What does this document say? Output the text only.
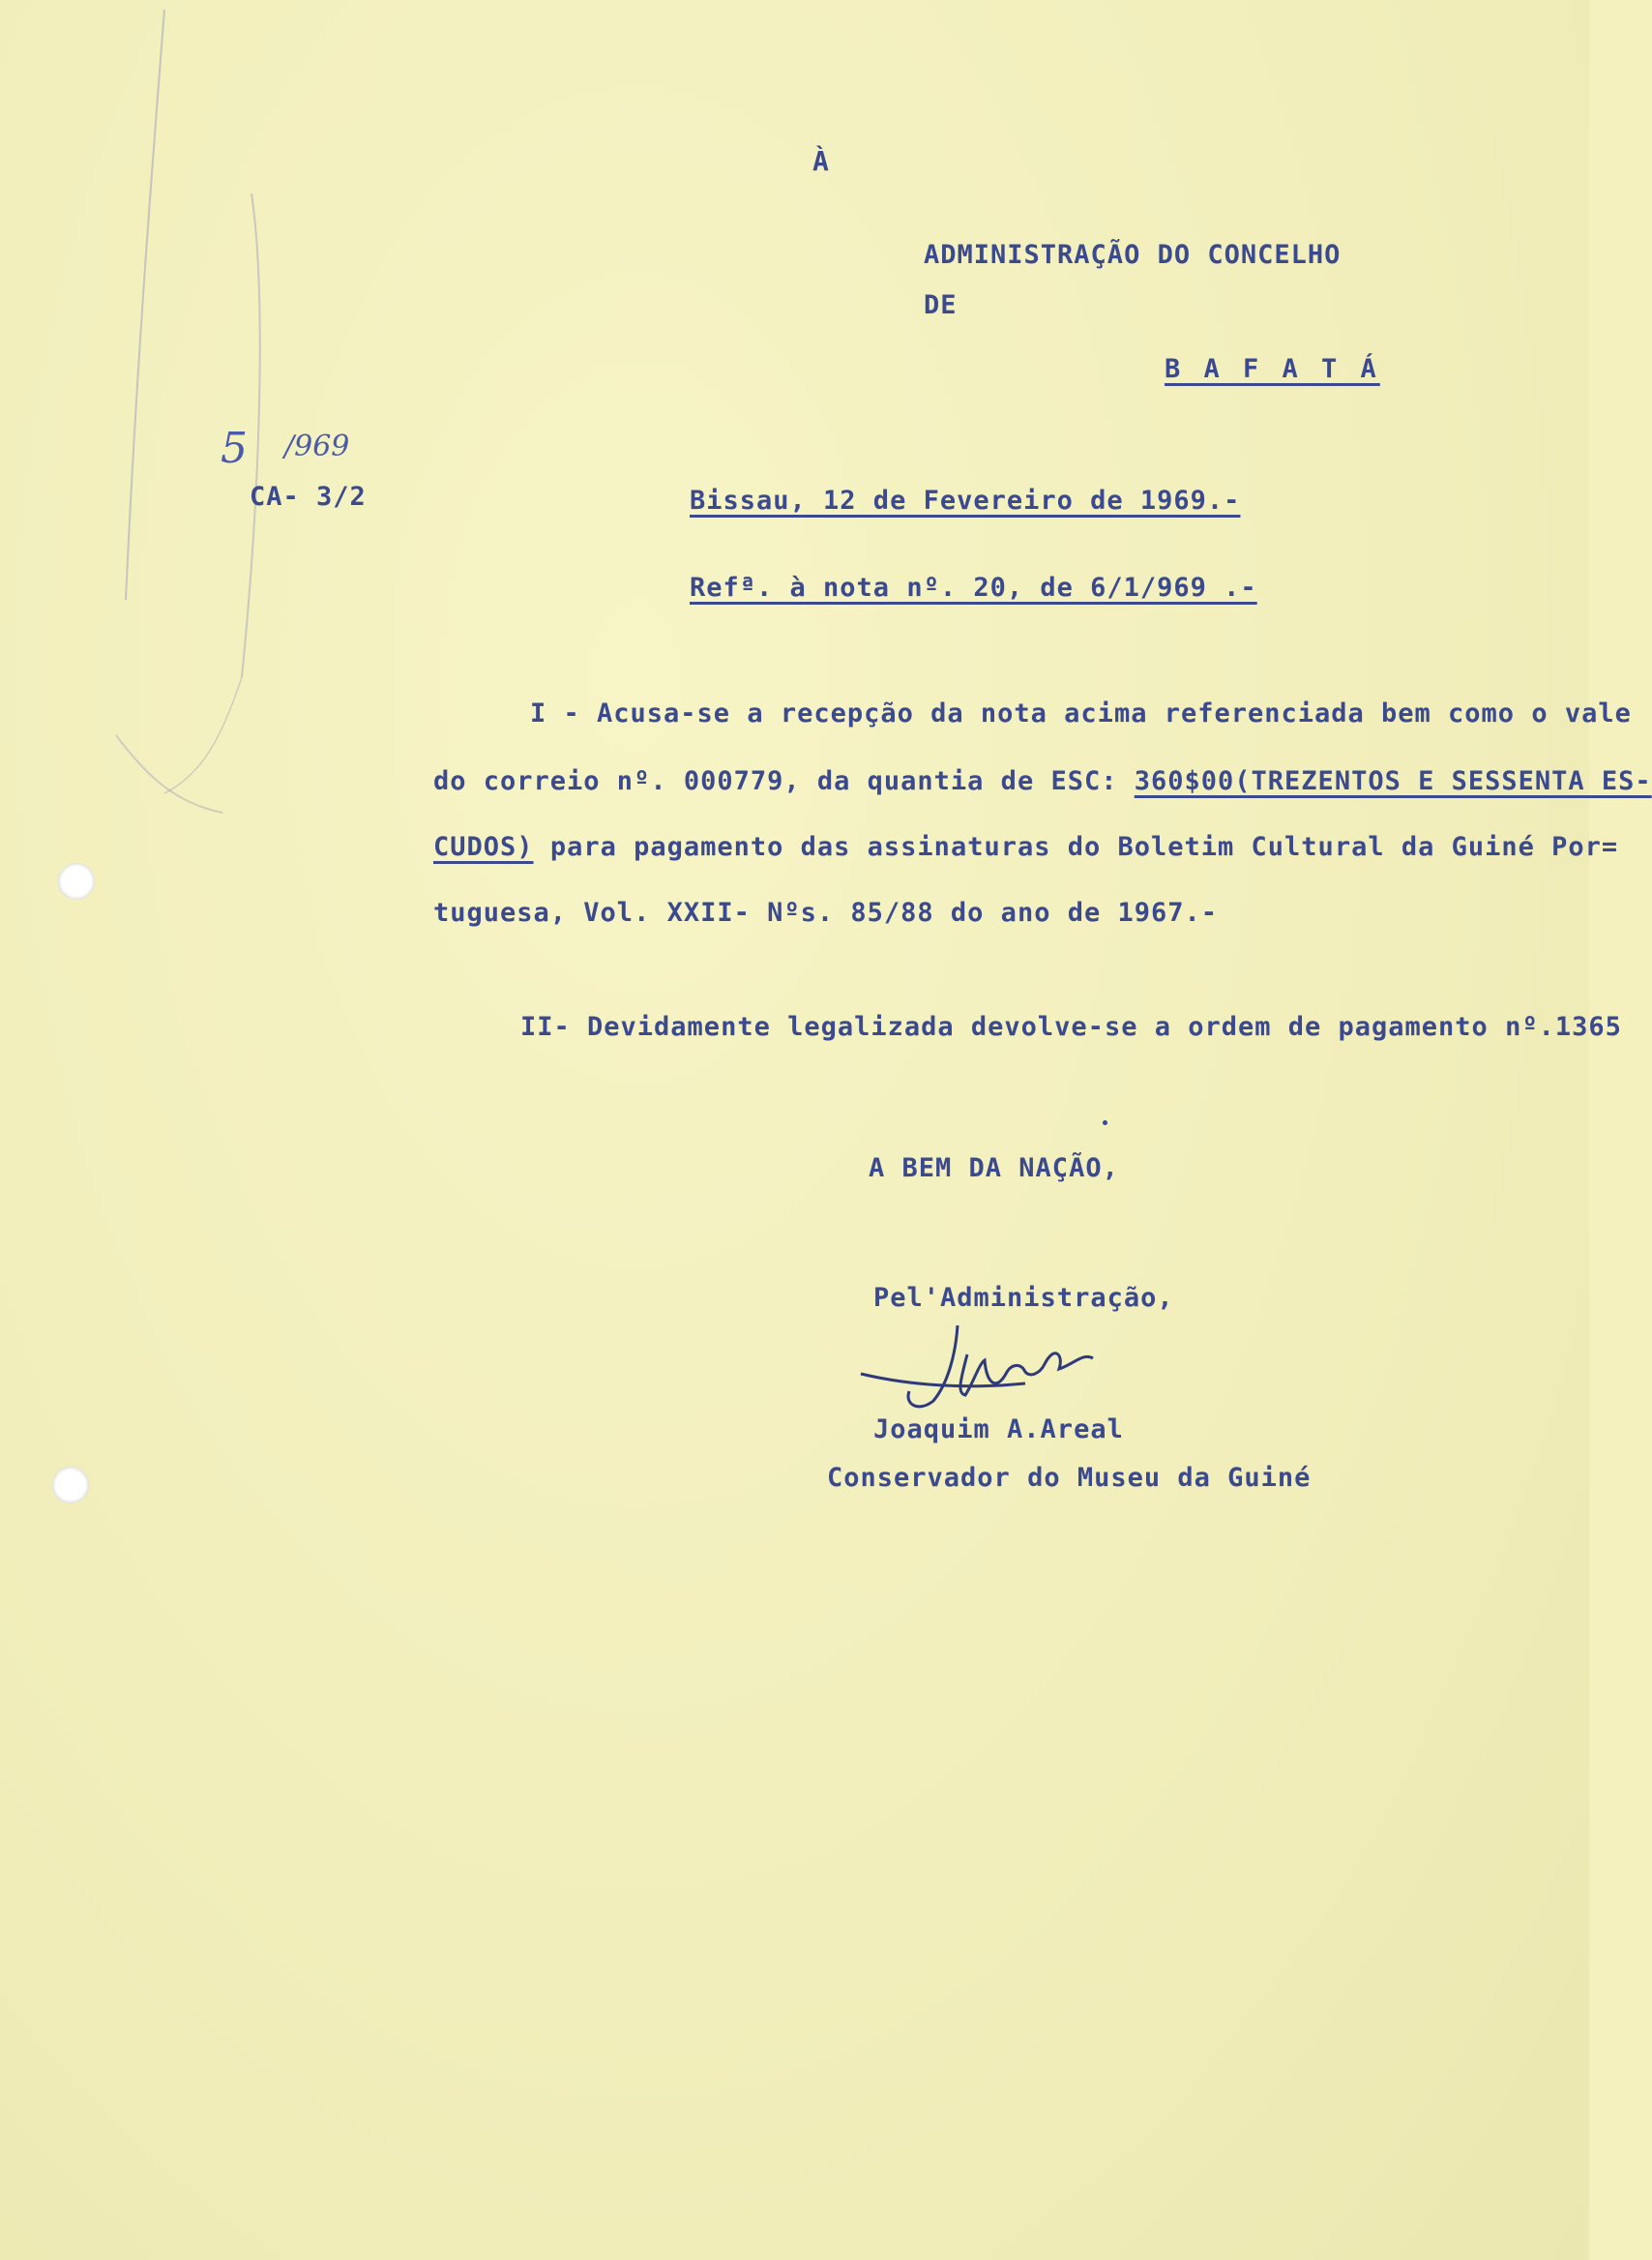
À
ADMINISTRAÇÃO DO CONCELHO
DE
B A F A T Á
5 /969
CA- 3/2	Bissau, 12 de Fevereiro de 1969.-
Refª. à nota nº. 20, de 6/1/969 .-
I - Acusa-se a recepção da nota acima referenciada bem como o vale
do correio nº. 000779, da quantia de ESC: 360$00(TREZENTOS E SESSENTA ES-
CUDOS) para pagamento das assinaturas do Boletim Cultural da Guiné Por=
tuguesa, Vol. XXII- Nºs. 85/88 do ano de 1967.-
II- Devidamente legalizada devolve-se a ordem de pagamento nº.1365
A BEM DA NAÇÃO,
Pel'Administração,
Joaquim A.Areal
Conservador do Museu da Guiné
